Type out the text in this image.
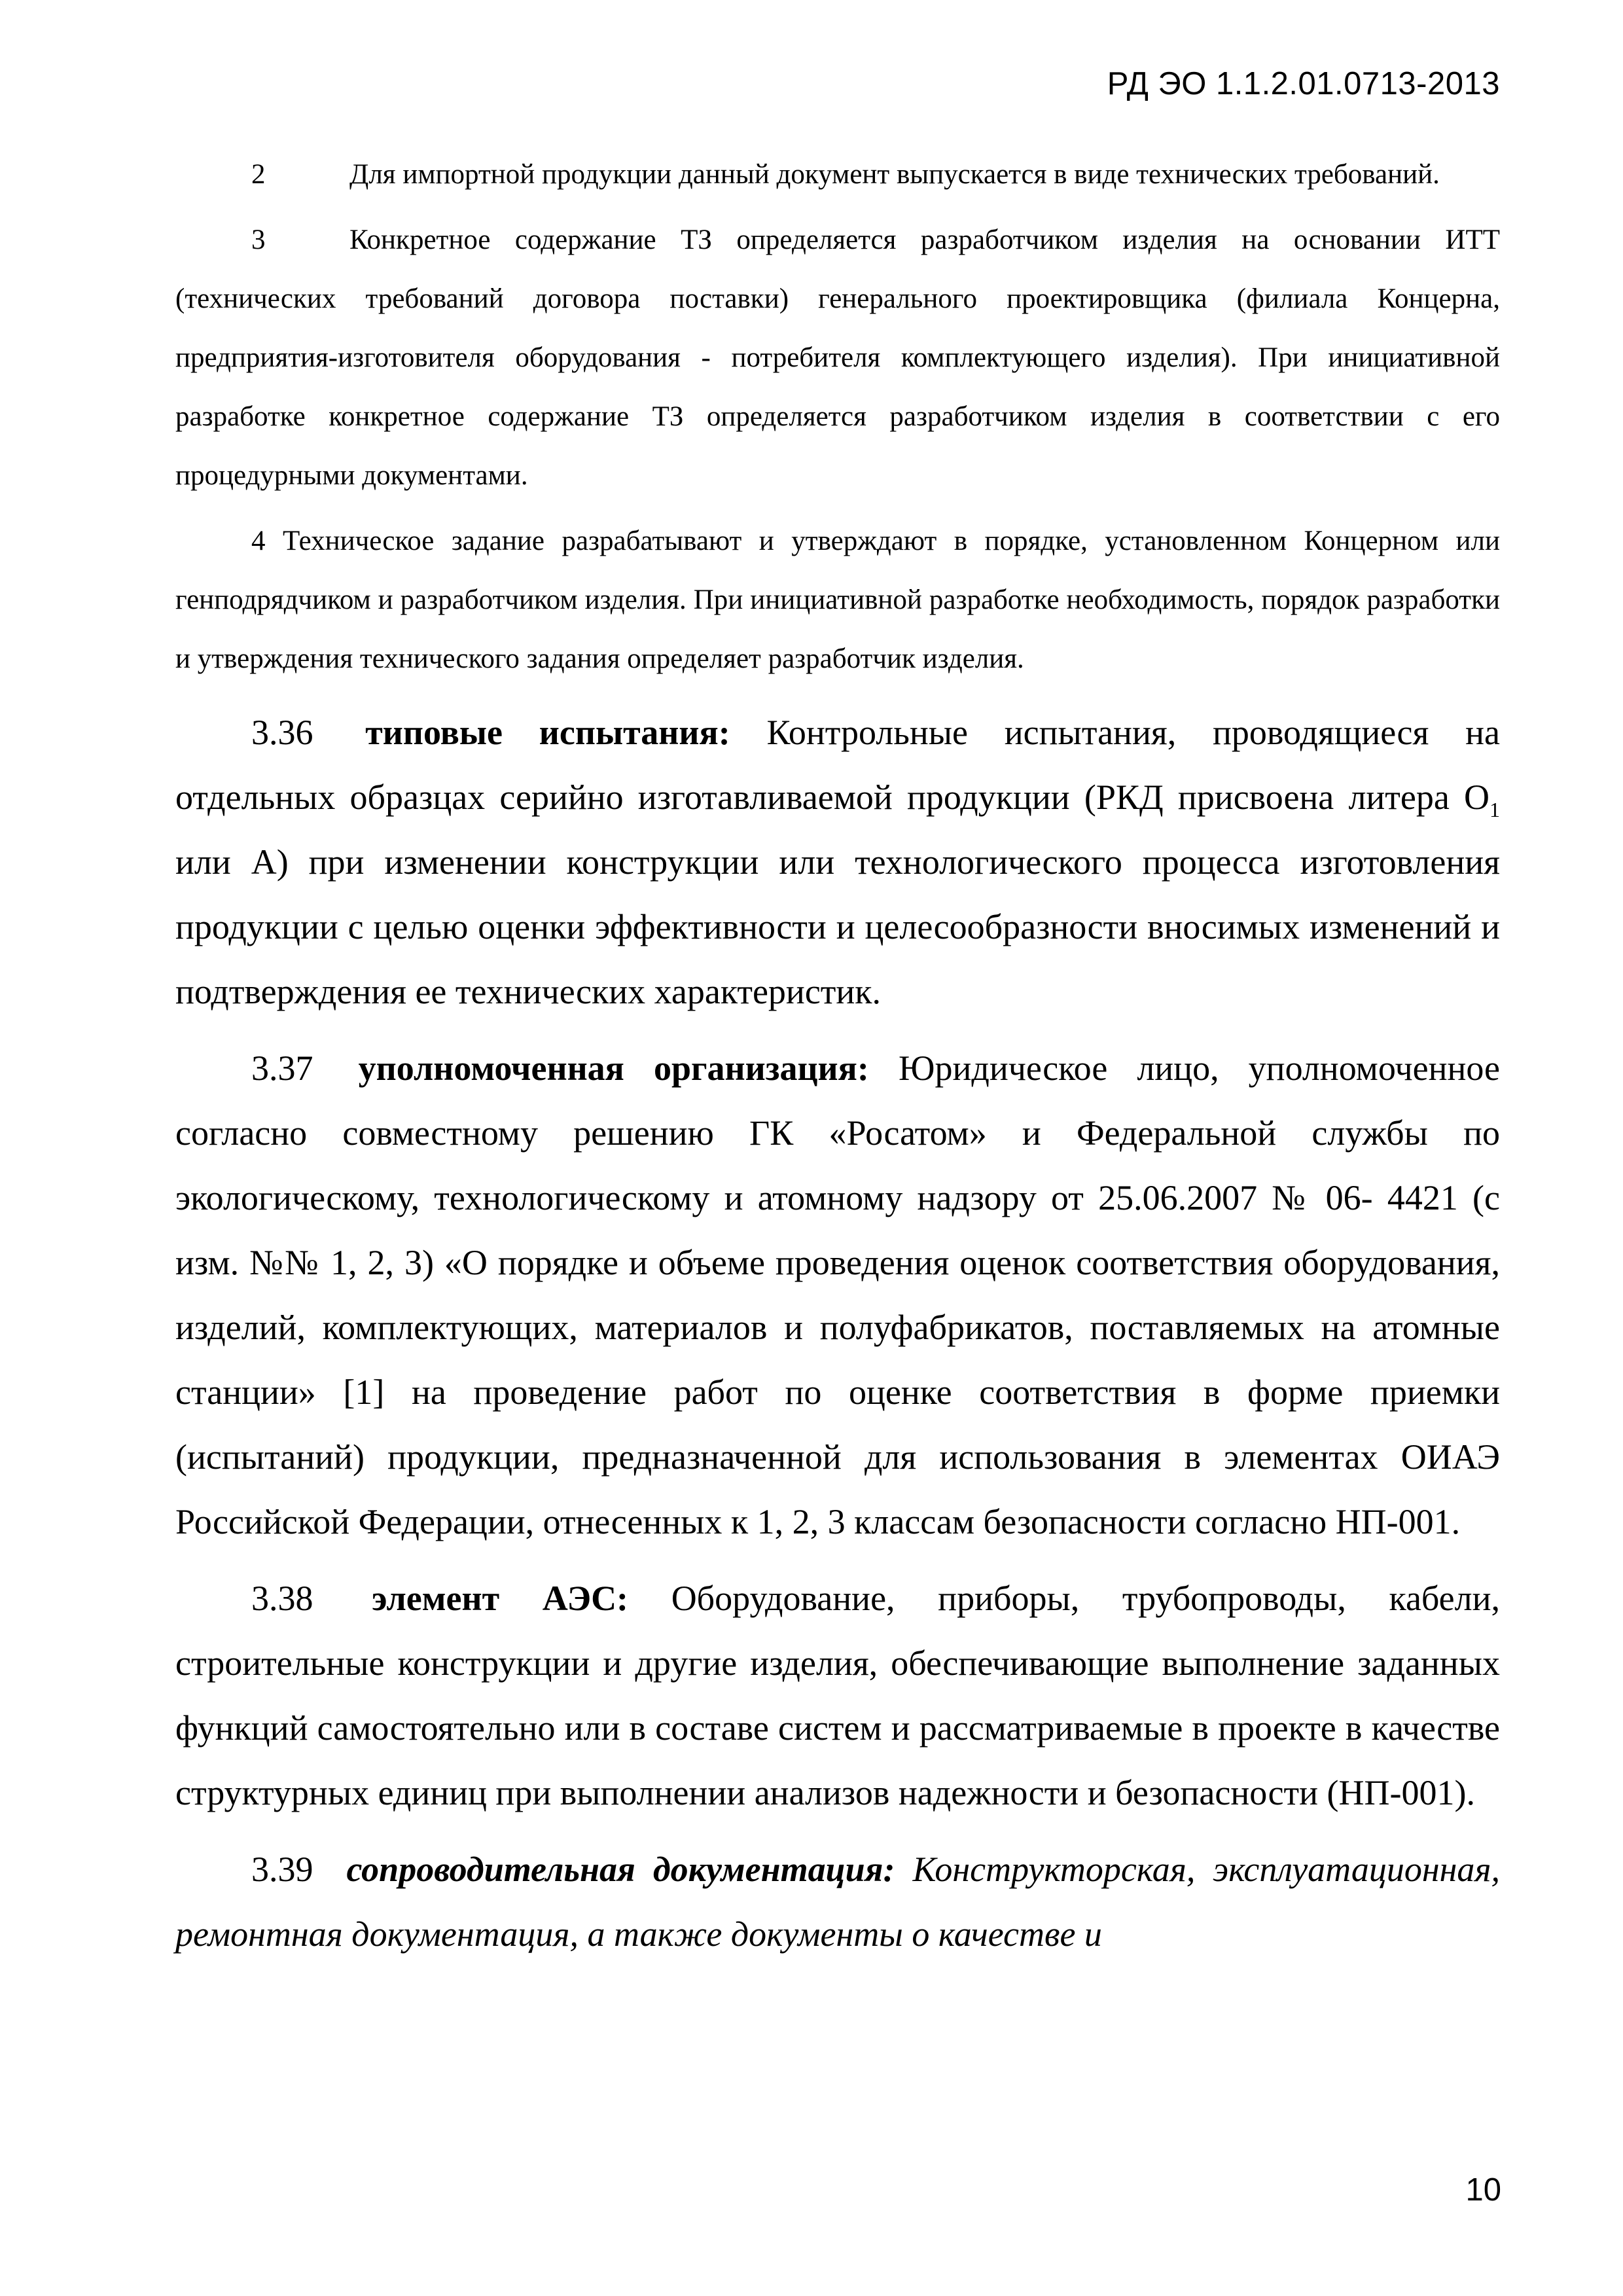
РД ЭО 1.1.2.01.0713-2013

2	Для импортной продукции данный документ выпускается в виде технических требований.

3	Конкретное содержание ТЗ определяется разработчиком изделия на основании ИТТ (технических требований договора поставки) генерального проектировщика (филиала Концерна, предприятия-изготовителя оборудования - потребителя комплектующего изделия). При инициативной разработке конкретное содержание ТЗ определяется разработчиком изделия в соответствии с его процедурными документами.

4 Техническое задание разрабатывают и утверждают в порядке, установленном Концерном или генподрядчиком и разработчиком изделия. При инициативной разработке необходимость, порядок разработки и утверждения технического задания определяет разработчик изделия.

3.36 типовые испытания: Контрольные испытания, проводящиеся на отдельных образцах серийно изготавливаемой продукции (РКД присвоена литера $О_1$ или А) при изменении конструкции или технологического процесса изготовления продукции с целью оценки эффективности и целесообразности вносимых изменений и подтверждения ее технических характеристик.

3.37 уполномоченная организация: Юридическое лицо, уполномоченное согласно совместному решению ГК «Росатом» и Федеральной службы по экологическому, технологическому и атомному надзору от 25.06.2007 № 06- 4421 (с изм. №№ 1, 2, 3) «О порядке и объеме проведения оценок соответствия оборудования, изделий, комплектующих, материалов и полуфабрикатов, поставляемых на атомные станции» [1] на проведение работ по оценке соответствия в форме приемки (испытаний) продукции, предназначенной для использования в элементах ОИАЭ Российской Федерации, отнесенных к 1, 2, 3 классам безопасности согласно НП-001.

3.38 элемент АЭС: Оборудование, приборы, трубопроводы, кабели, строительные конструкции и другие изделия, обеспечивающие выполнение заданных функций самостоятельно или в составе систем и рассматриваемые в проекте в качестве структурных единиц при выполнении анализов надежности и безопасности (НП-001).

3.39 сопроводительная документация: Конструкторская, эксплуатационная, ремонтная документация, а также документы о качестве и

10
